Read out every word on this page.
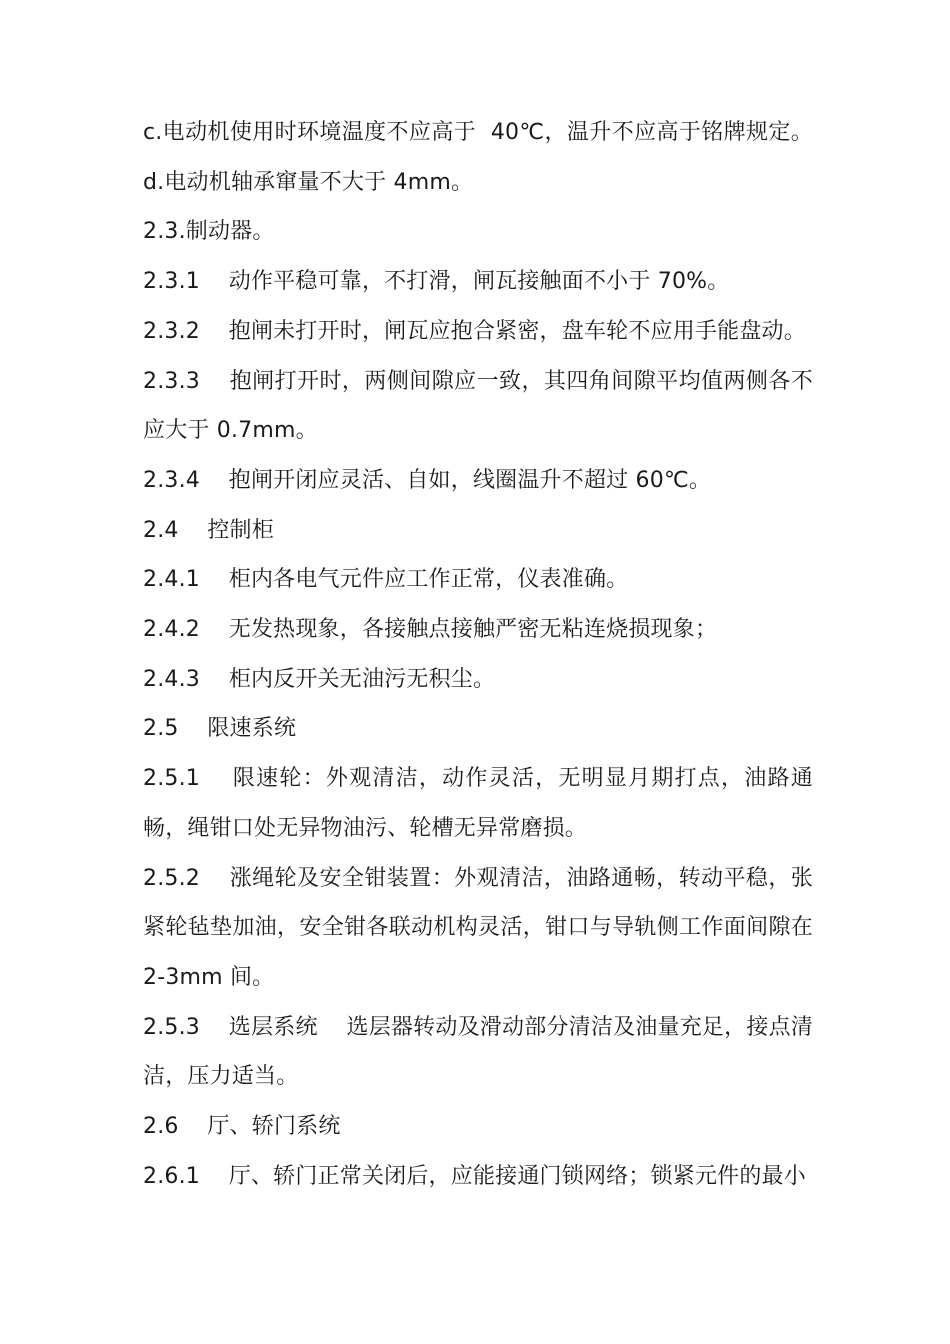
c.电动机使用时环境温度不应高于  40℃，温升不应高于铭牌规定。    d.电动机轴承窜量不大于 4mm。

2.3.制动器。

2.3.1    动作平稳可靠，不打滑，闸瓦接触面不小于 70%。

2.3.2    抱闸未打开时，闸瓦应抱合紧密，盘车轮不应用手能盘动。

2.3.3    抱闸打开时，两侧间隙应一致，其四角间隙平均值两侧各不应大于 0.7mm。

2.3.4    抱闸开闭应灵活、自如，线圈温升不超过 60℃。

2.4    控制柜

2.4.1    柜内各电气元件应工作正常，仪表准确。

2.4.2    无发热现象，各接触点接触严密无粘连烧损现象；

2.4.3    柜内反开关无油污无积尘。

2.5    限速系统

2.5.1    限速轮：外观清洁，动作灵活，无明显月期打点，油路通畅，绳钳口处无异物油污、轮槽无异常磨损。

2.5.2    涨绳轮及安全钳装置：外观清洁，油路通畅，转动平稳，张紧轮毡垫加油，安全钳各联动机构灵活，钳口与导轨侧工作面间隙在 2-3mm 间。

2.5.3    选层系统    选层器转动及滑动部分清洁及油量充足，接点清洁，压力适当。

2.6    厅、轿门系统

2.6.1    厅、轿门正常关闭后，应能接通门锁网络；锁紧元件的最小
